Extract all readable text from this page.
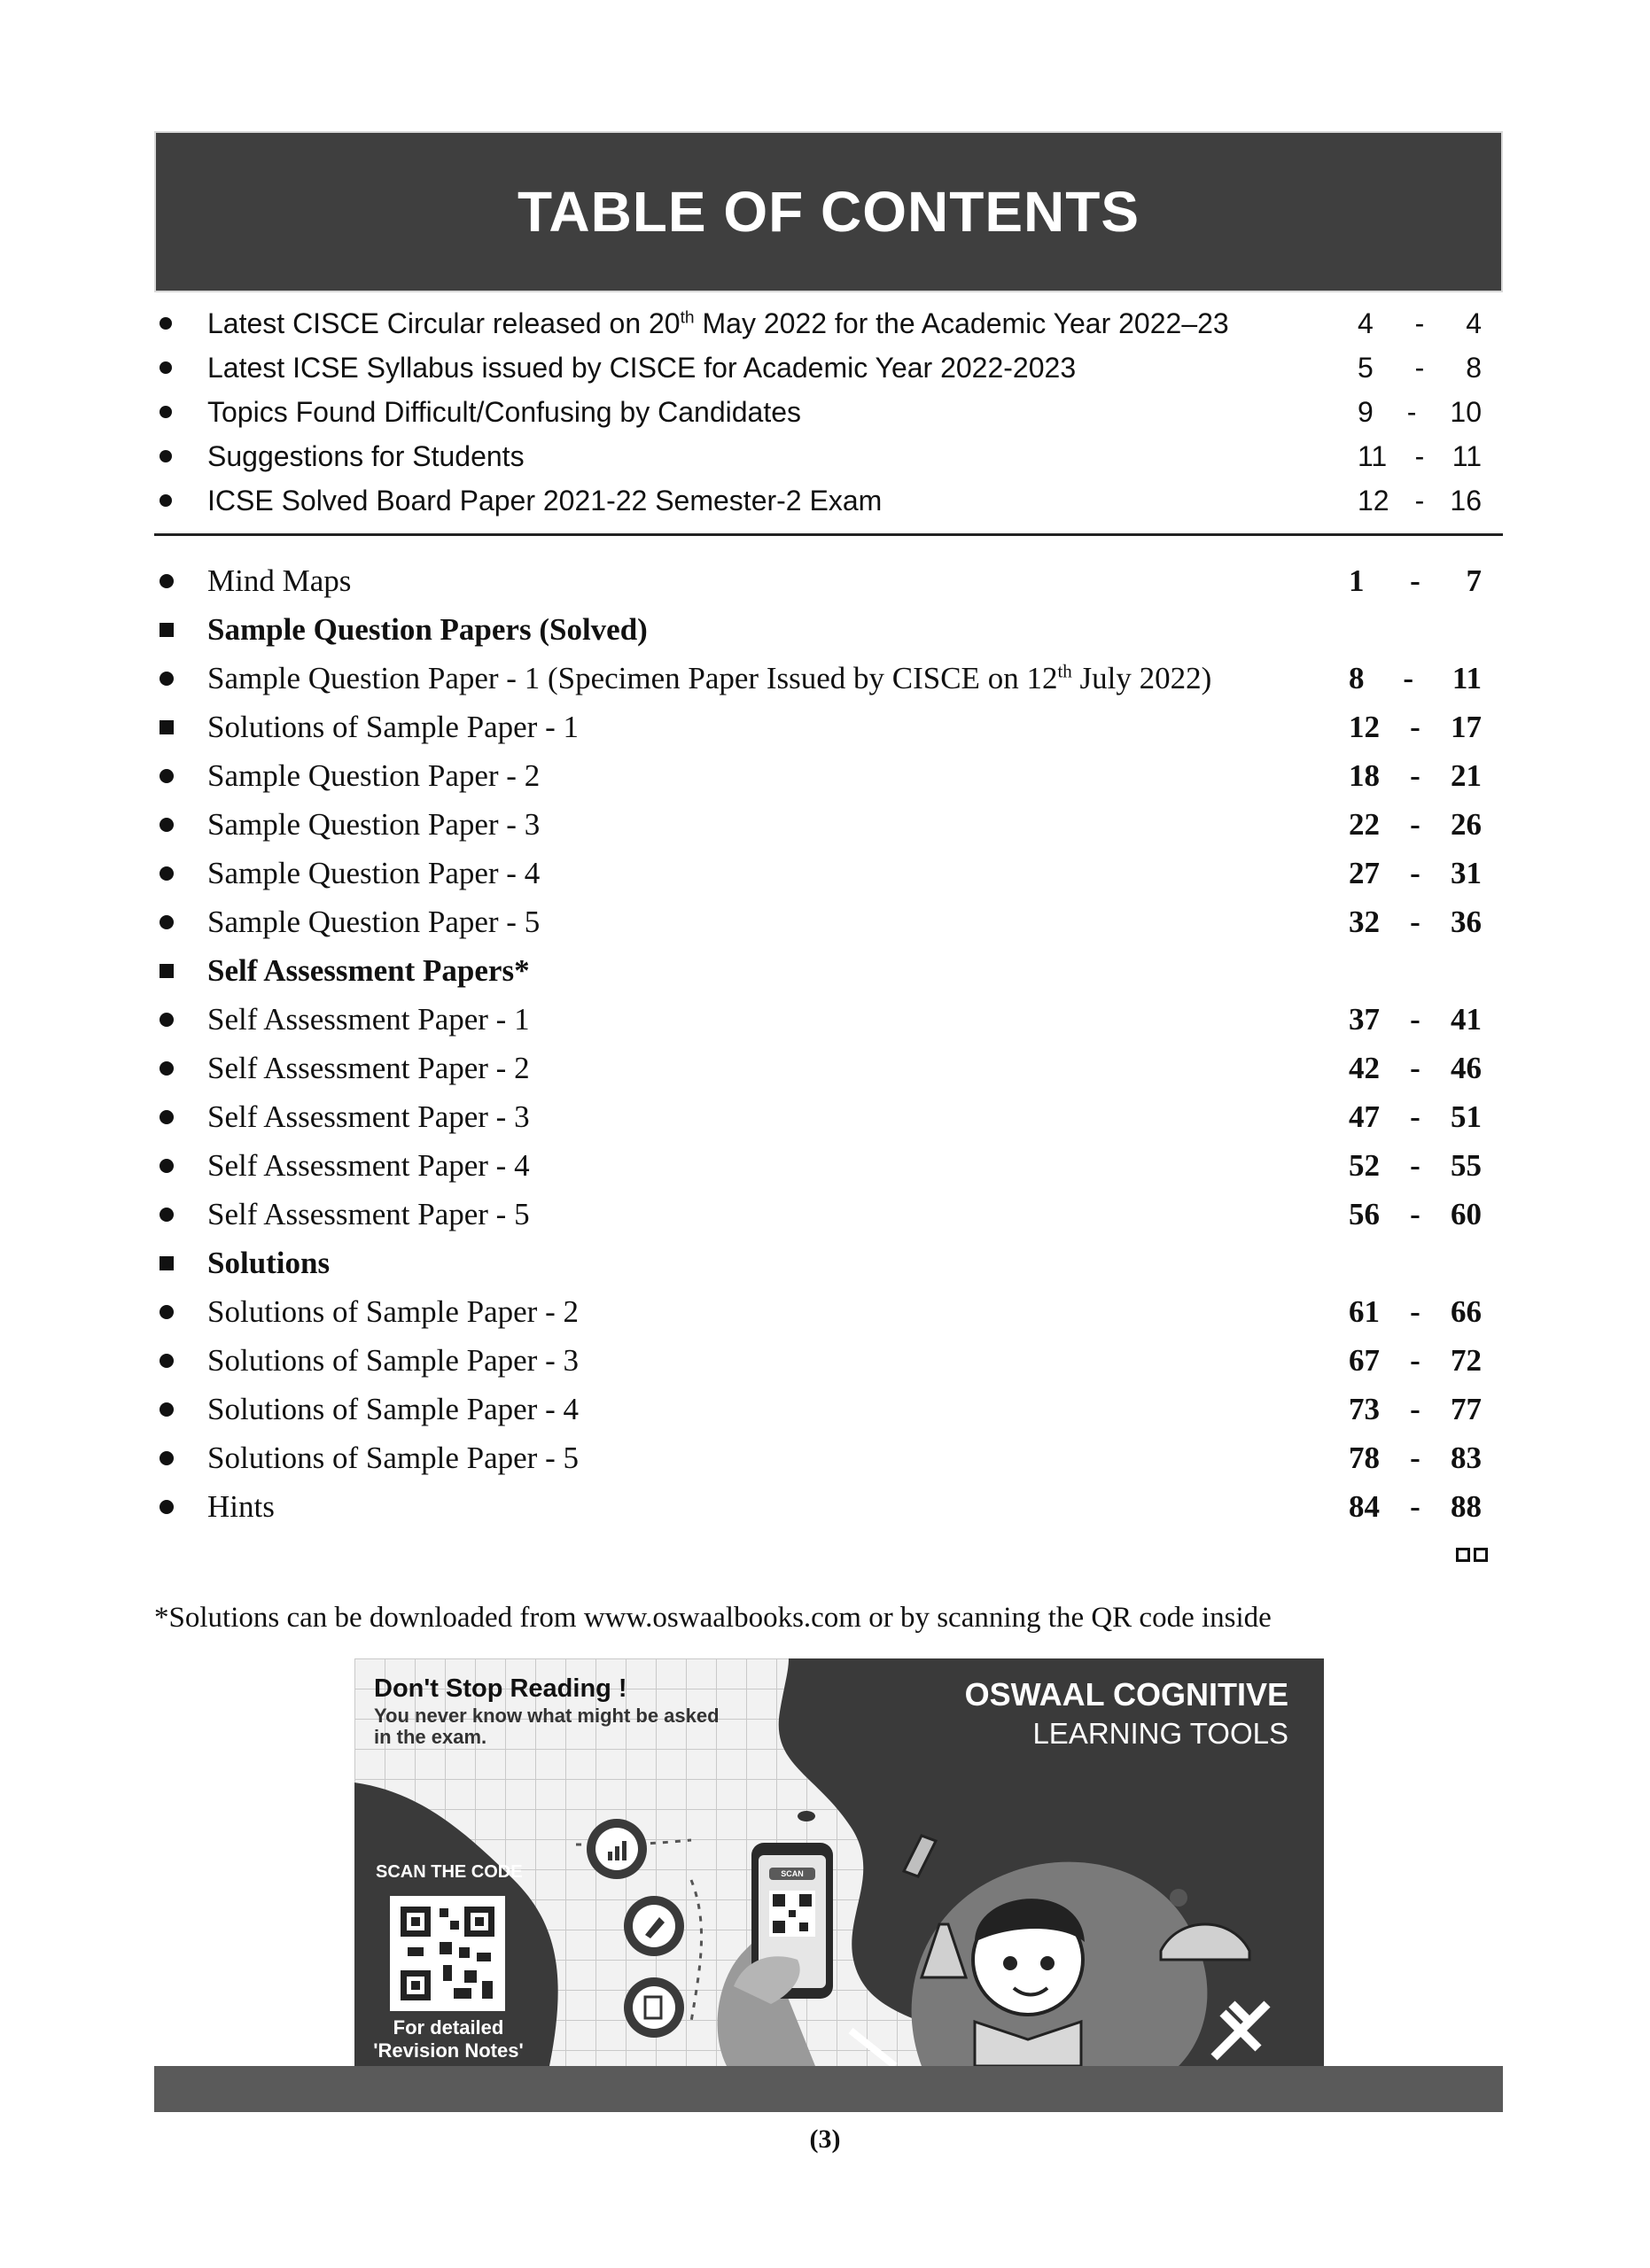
TABLE OF CONTENTS
Latest CISCE Circular released on 20th May 2022 for the Academic Year 2022–23	4 - 4
Latest ICSE Syllabus issued by CISCE for Academic Year 2022-2023	5 - 8
Topics Found Difficult/Confusing by Candidates	9 - 10
Suggestions for Students	11 - 11
ICSE Solved Board Paper 2021-22 Semester-2 Exam	12 - 16
Mind Maps	1 - 7
Sample Question Papers (Solved)
Sample Question Paper - 1 (Specimen Paper Issued by CISCE on 12th July 2022)	8 - 11
Solutions of Sample Paper - 1	12 - 17
Sample Question Paper - 2	18 - 21
Sample Question Paper - 3	22 - 26
Sample Question Paper - 4	27 - 31
Sample Question Paper - 5	32 - 36
Self Assessment Papers*
Self Assessment Paper - 1	37 - 41
Self Assessment Paper - 2	42 - 46
Self Assessment Paper - 3	47 - 51
Self Assessment Paper - 4	52 - 55
Self Assessment Paper - 5	56 - 60
Solutions
Solutions of Sample Paper - 2	61 - 66
Solutions of Sample Paper - 3	67 - 72
Solutions of Sample Paper - 4	73 - 77
Solutions of Sample Paper - 5	78 - 83
Hints	84 - 88
*Solutions can be downloaded from www.oswaalbooks.com or by scanning the QR code inside
Don't Stop Reading !
You never know what might be asked
in the exam.
OSWAAL COGNITIVE
LEARNING TOOLS
SCAN THE CODE
For detailed
'Revision Notes'
SCAN
(3)
